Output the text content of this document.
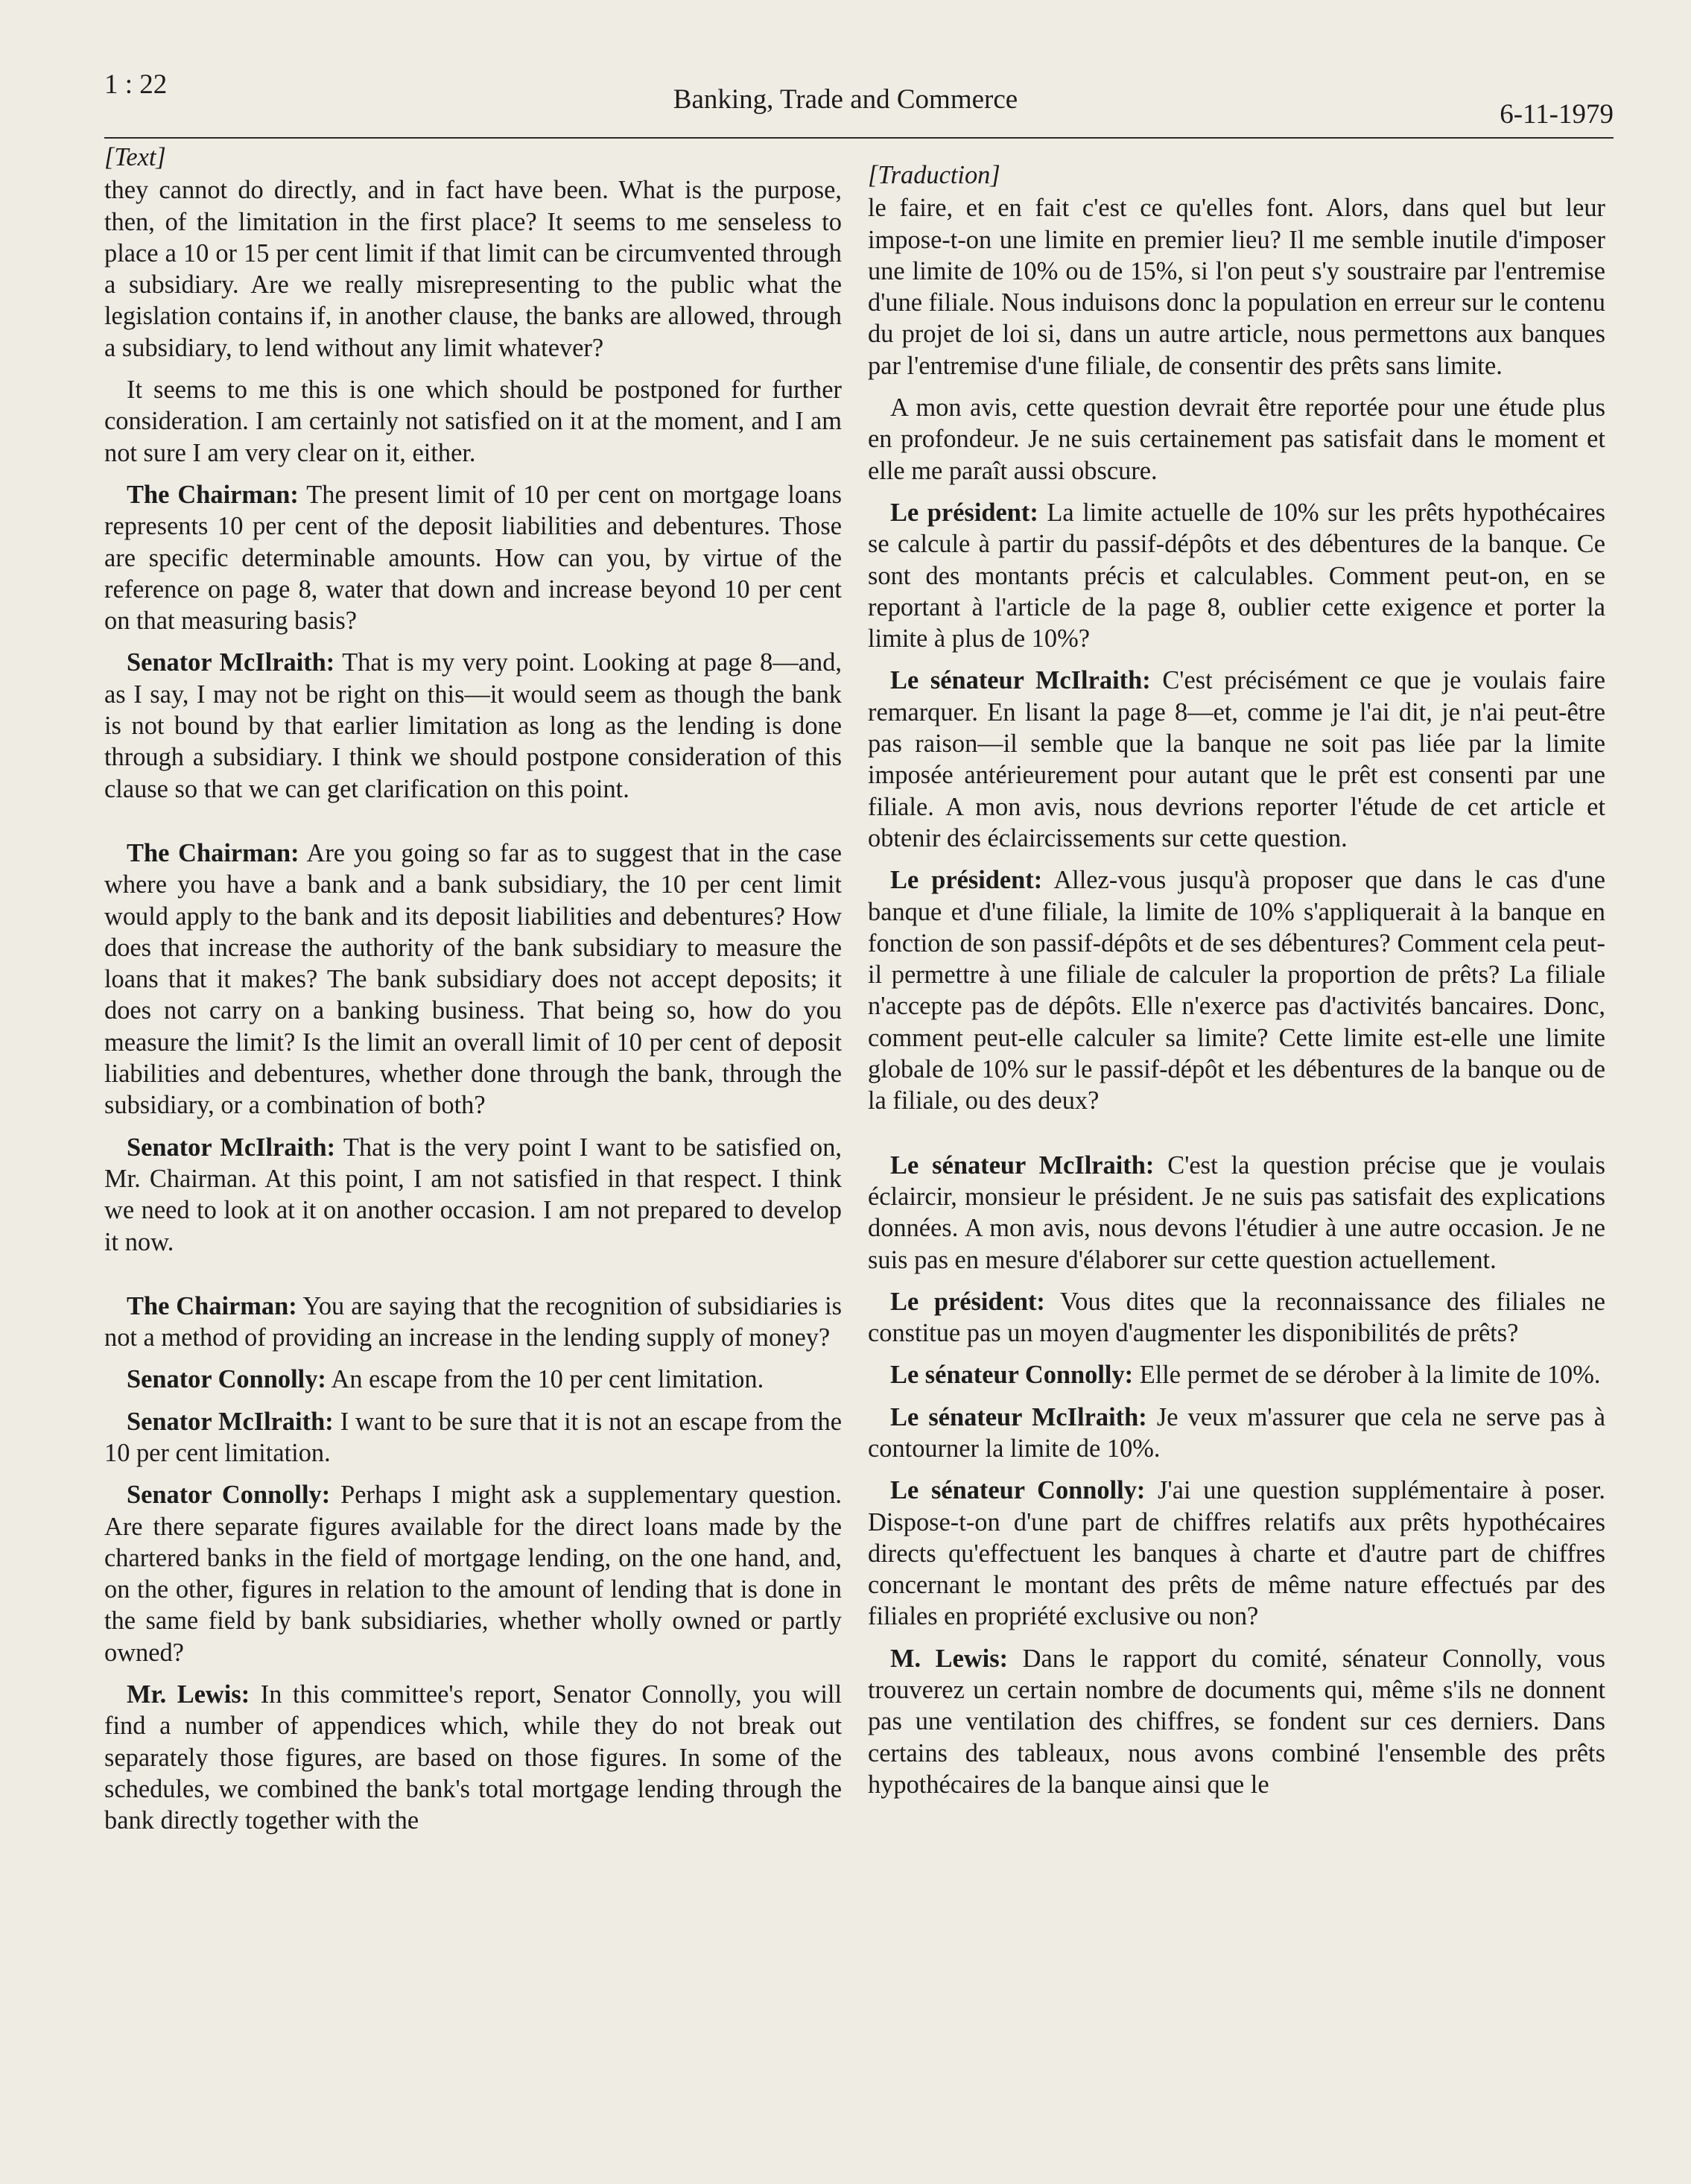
1 : 22	Banking, Trade and Commerce	6-11-1979
[Text]

they cannot do directly, and in fact have been. What is the purpose, then, of the limitation in the first place? It seems to me senseless to place a 10 or 15 per cent limit if that limit can be circumvented through a subsidiary. Are we really misrepresenting to the public what the legislation contains if, in another clause, the banks are allowed, through a subsidiary, to lend without any limit whatever?

It seems to me this is one which should be postponed for further consideration. I am certainly not satisfied on it at the moment, and I am not sure I am very clear on it, either.

The Chairman: The present limit of 10 per cent on mortgage loans represents 10 per cent of the deposit liabilities and debentures. Those are specific determinable amounts. How can you, by virtue of the reference on page 8, water that down and increase beyond 10 per cent on that measuring basis?

Senator McIlraith: That is my very point. Looking at page 8—and, as I say, I may not be right on this—it would seem as though the bank is not bound by that earlier limitation as long as the lending is done through a subsidiary. I think we should postpone consideration of this clause so that we can get clarification on this point.

The Chairman: Are you going so far as to suggest that in the case where you have a bank and a bank subsidiary, the 10 per cent limit would apply to the bank and its deposit liabilities and debentures? How does that increase the authority of the bank subsidiary to measure the loans that it makes? The bank subsidiary does not accept deposits; it does not carry on a banking business. That being so, how do you measure the limit? Is the limit an overall limit of 10 per cent of deposit liabilities and debentures, whether done through the bank, through the subsidiary, or a combination of both?

Senator McIlraith: That is the very point I want to be satisfied on, Mr. Chairman. At this point, I am not satisfied in that respect. I think we need to look at it on another occasion. I am not prepared to develop it now.

The Chairman: You are saying that the recognition of subsidiaries is not a method of providing an increase in the lending supply of money?

Senator Connolly: An escape from the 10 per cent limitation.

Senator McIlraith: I want to be sure that it is not an escape from the 10 per cent limitation.

Senator Connolly: Perhaps I might ask a supplementary question. Are there separate figures available for the direct loans made by the chartered banks in the field of mortgage lending, on the one hand, and, on the other, figures in relation to the amount of lending that is done in the same field by bank subsidiaries, whether wholly owned or partly owned?

Mr. Lewis: In this committee's report, Senator Connolly, you will find a number of appendices which, while they do not break out separately those figures, are based on those figures. In some of the schedules, we combined the bank's total mortgage lending through the bank directly together with the

[Traduction]

le faire, et en fait c'est ce qu'elles font. Alors, dans quel but leur impose-t-on une limite en premier lieu? Il me semble inutile d'imposer une limite de 10% ou de 15%, si l'on peut s'y soustraire par l'entremise d'une filiale. Nous induisons donc la population en erreur sur le contenu du projet de loi si, dans un autre article, nous permettons aux banques par l'entremise d'une filiale, de consentir des prêts sans limite.

A mon avis, cette question devrait être reportée pour une étude plus en profondeur. Je ne suis certainement pas satisfait dans le moment et elle me paraît aussi obscure.

Le président: La limite actuelle de 10% sur les prêts hypothécaires se calcule à partir du passif-dépôts et des débentures de la banque. Ce sont des montants précis et calculables. Comment peut-on, en se reportant à l'article de la page 8, oublier cette exigence et porter la limite à plus de 10%?

Le sénateur McIlraith: C'est précisément ce que je voulais faire remarquer. En lisant la page 8—et, comme je l'ai dit, je n'ai peut-être pas raison—il semble que la banque ne soit pas liée par la limite imposée antérieurement pour autant que le prêt est consenti par une filiale. A mon avis, nous devrions reporter l'étude de cet article et obtenir des éclaircissements sur cette question.

Le président: Allez-vous jusqu'à proposer que dans le cas d'une banque et d'une filiale, la limite de 10% s'appliquerait à la banque en fonction de son passif-dépôts et de ses débentures? Comment cela peut-il permettre à une filiale de calculer la proportion de prêts? La filiale n'accepte pas de dépôts. Elle n'exerce pas d'activités bancaires. Donc, comment peut-elle calculer sa limite? Cette limite est-elle une limite globale de 10% sur le passif-dépôt et les débentures de la banque ou de la filiale, ou des deux?

Le sénateur McIlraith: C'est la question précise que je voulais éclaircir, monsieur le président. Je ne suis pas satisfait des explications données. A mon avis, nous devons l'étudier à une autre occasion. Je ne suis pas en mesure d'élaborer sur cette question actuellement.

Le président: Vous dites que la reconnaissance des filiales ne constitue pas un moyen d'augmenter les disponibilités de prêts?

Le sénateur Connolly: Elle permet de se dérober à la limite de 10%.

Le sénateur McIlraith: Je veux m'assurer que cela ne serve pas à contourner la limite de 10%.

Le sénateur Connolly: J'ai une question supplémentaire à poser. Dispose-t-on d'une part de chiffres relatifs aux prêts hypothécaires directs qu'effectuent les banques à charte et d'autre part de chiffres concernant le montant des prêts de même nature effectués par des filiales en propriété exclusive ou non?

M. Lewis: Dans le rapport du comité, sénateur Connolly, vous trouverez un certain nombre de documents qui, même s'ils ne donnent pas une ventilation des chiffres, se fondent sur ces derniers. Dans certains des tableaux, nous avons combiné l'ensemble des prêts hypothécaires de la banque ainsi que le
